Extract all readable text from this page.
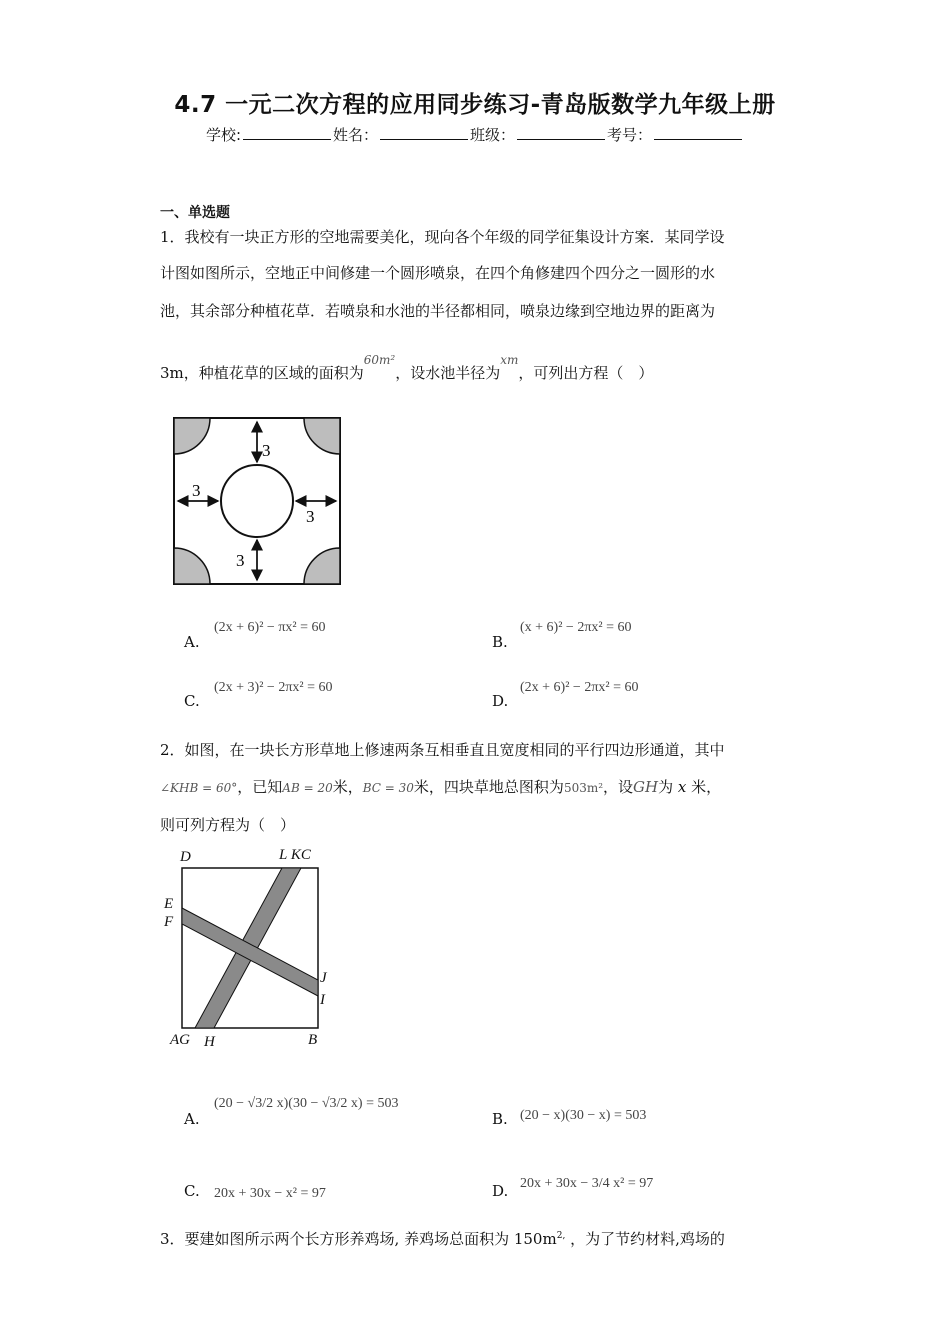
4.7 一元二次方程的应用同步练习-青岛版数学九年级上册
学校:	姓名：	班级：	考号：
一、单选题
1．我校有一块正方形的空地需要美化，现向各个年级的同学征集设计方案．某同学设
计图如图所示，空地正中间修建一个圆形喷泉，在四个角修建四个四分之一圆形的水
池，其余部分种植花草．若喷泉和水池的半径都相同，喷泉边缘到空地边界的距离为
3m，种植花草的区域的面积为$^{60m^2}$，设水池半径为$^{xm}$，可列出方程（　）
3
3
3
3
A.
(2x + 6)² − πx² = 60
B.
(x + 6)² − 2πx² = 60
C.
(2x + 3)² − 2πx² = 60
D.
(2x + 6)² − 2πx² = 60
2．如图，在一块长方形草地上修速两条互相垂直且宽度相同的平行四边形通道，其中
∠KHB = 60°，已知AB = 20米，BC = 30米，四块草地总图积为503m²，设GH为 x 米，
则可列方程为（　）
D	L KC
E
F
J
I
AG H	B
A.
(20 − √3/2 x)(30 − √3/2 x) = 503
B. (20 − x)(30 − x) = 503
C. 20x + 30x − x² = 97	D. 20x + 30x − 3/4 x² = 97
3．要建如图所示两个长方形养鸡场, 养鸡场总面积为 $150m^{2,}$ ，为了节约材料,鸡场的
